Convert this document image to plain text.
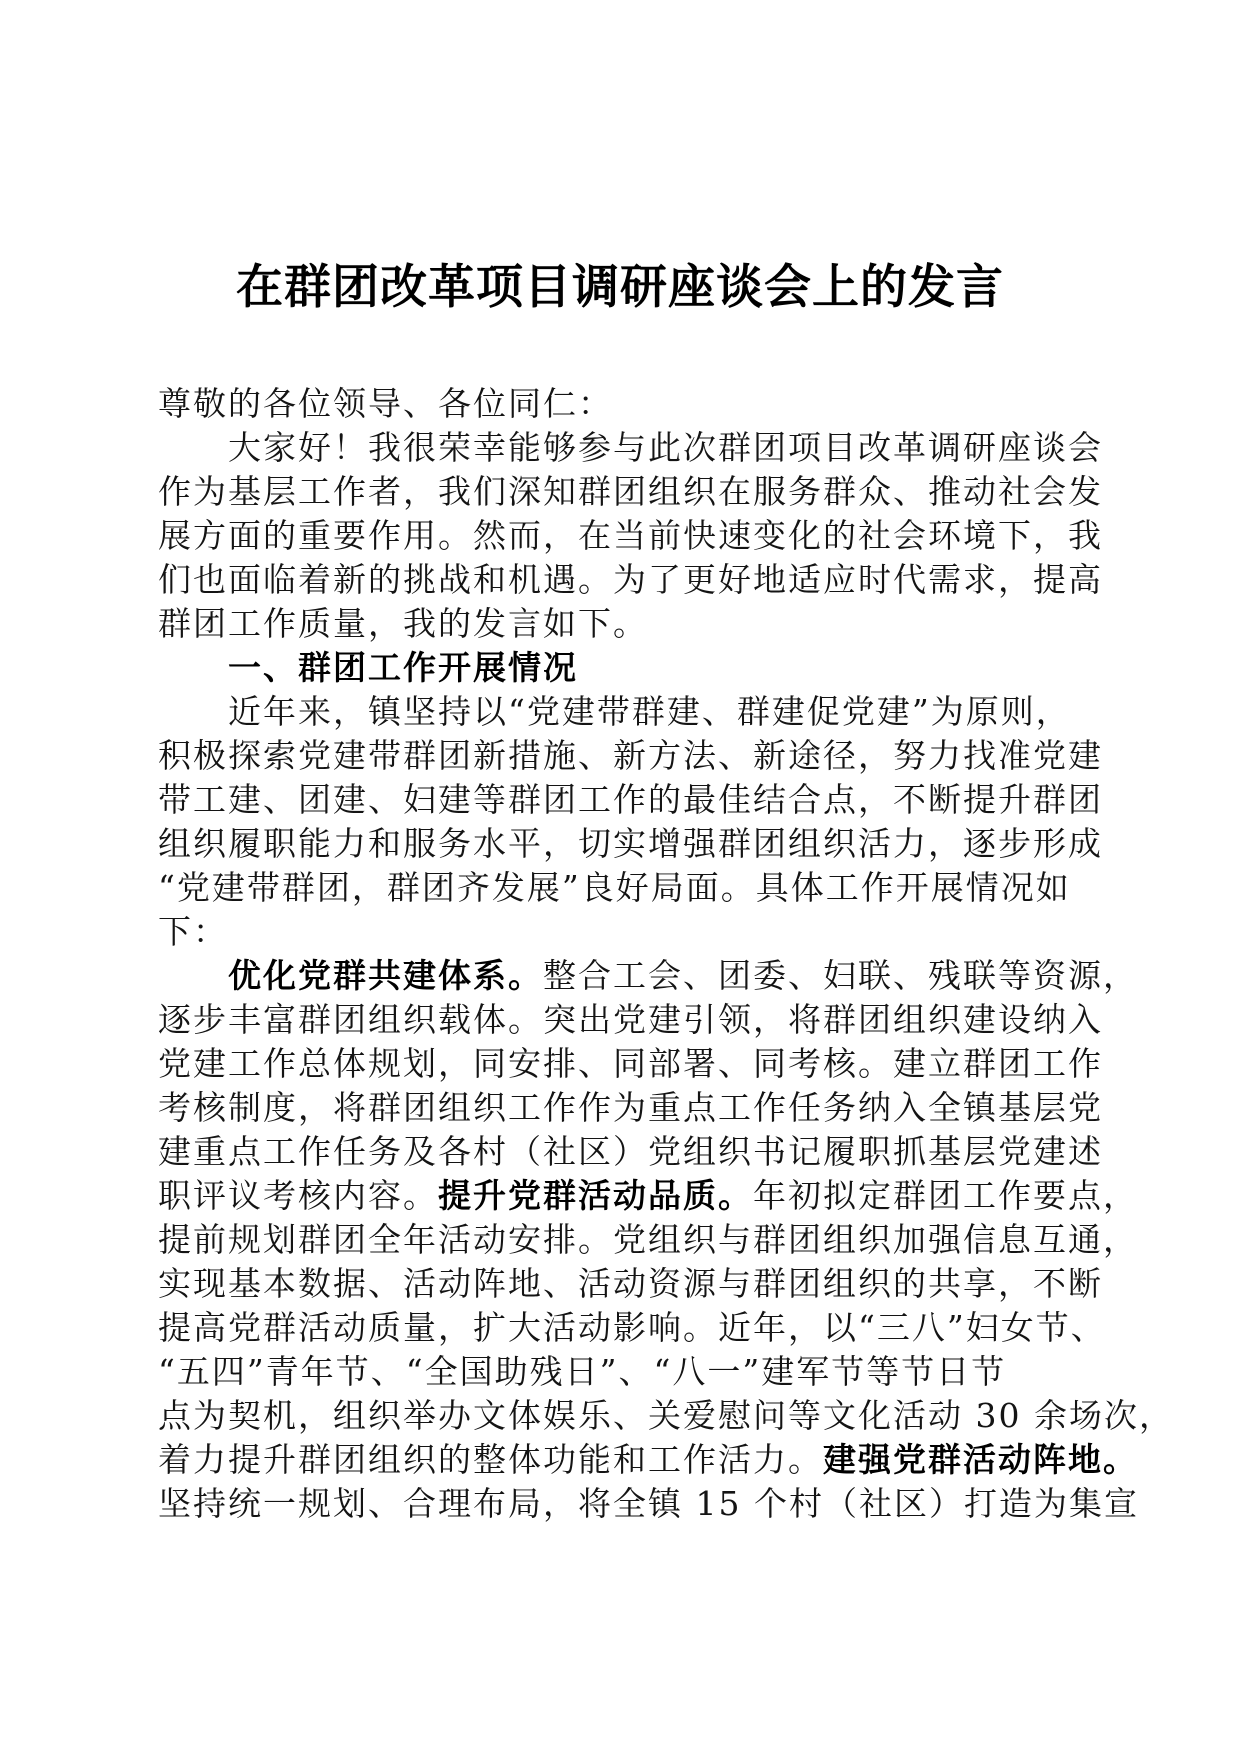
在群团改革项目调研座谈会上的发言
尊敬的各位领导、各位同仁：
大家好！我很荣幸能够参与此次群团项目改革调研座谈会
作为基层工作者，我们深知群团组织在服务群众、推动社会发
展方面的重要作用。然而，在当前快速变化的社会环境下，我
们也面临着新的挑战和机遇。为了更好地适应时代需求，提高
群团工作质量，我的发言如下。
一、群团工作开展情况
近年来，镇坚持以“党建带群建、群建促党建”为原则，
积极探索党建带群团新措施、新方法、新途径，努力找准党建
带工建、团建、妇建等群团工作的最佳结合点，不断提升群团
组织履职能力和服务水平，切实增强群团组织活力，逐步形成
“党建带群团，群团齐发展”良好局面。具体工作开展情况如
下：
优化党群共建体系。整合工会、团委、妇联、残联等资源，
逐步丰富群团组织载体。突出党建引领，将群团组织建设纳入
党建工作总体规划，同安排、同部署、同考核。建立群团工作
考核制度，将群团组织工作作为重点工作任务纳入全镇基层党
建重点工作任务及各村（社区）党组织书记履职抓基层党建述
职评议考核内容。提升党群活动品质。年初拟定群团工作要点，
提前规划群团全年活动安排。党组织与群团组织加强信息互通，
实现基本数据、活动阵地、活动资源与群团组织的共享，不断
提高党群活动质量，扩大活动影响。近年，以“三八”妇女节、
“五四”青年节、“全国助残日”、“八一”建军节等节日节
点为契机，组织举办文体娱乐、关爱慰问等文化活动 30 余场次，
着力提升群团组织的整体功能和工作活力。建强党群活动阵地。
坚持统一规划、合理布局，将全镇 15 个村（社区）打造为集宣
